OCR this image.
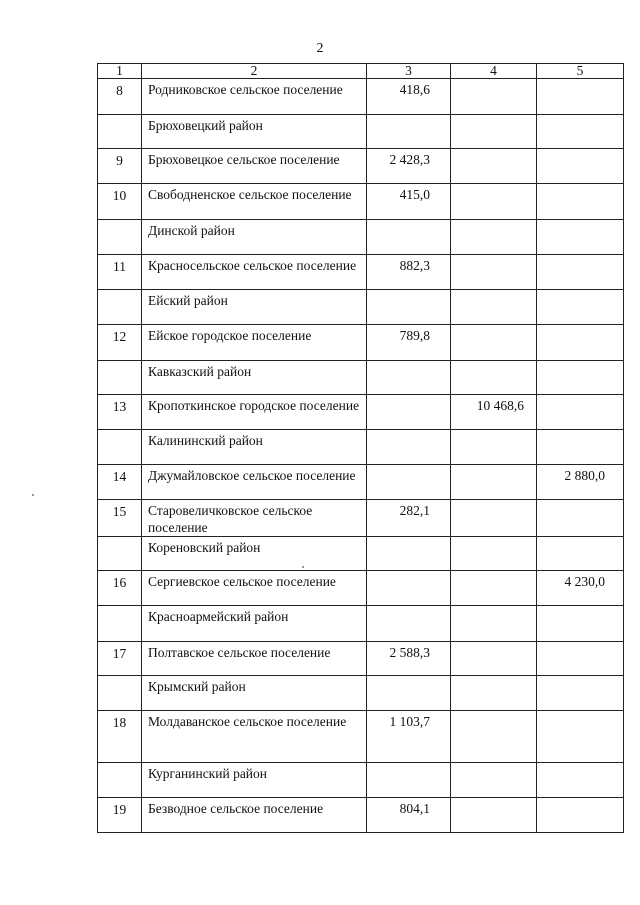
2
1	2	3	4	5
8	Родниковское сельское поселение	418,6		
	Брюховецкий район			
9	Брюховецкое сельское поселение	2 428,3		
10	Свободненское сельское поселение	415,0		
	Динской район			
11	Красносельское сельское поселение	882,3		
	Ейский район			
12	Ейское городское поселение	789,8		
	Кавказский район			
13	Кропоткинское городское поселение		10 468,6	
	Калининский район			
14	Джумайловское сельское поселение			2 880,0
15	Старовеличковское сельское поселение	282,1		
	Кореновский район			
16	Сергиевское сельское поселение			4 230,0
	Красноармейский район			
17	Полтавское сельское поселение	2 588,3		
	Крымский район			
18	Молдаванское сельское поселение	1 103,7		
	Курганинский район			
19	Безводное сельское поселение	804,1		
